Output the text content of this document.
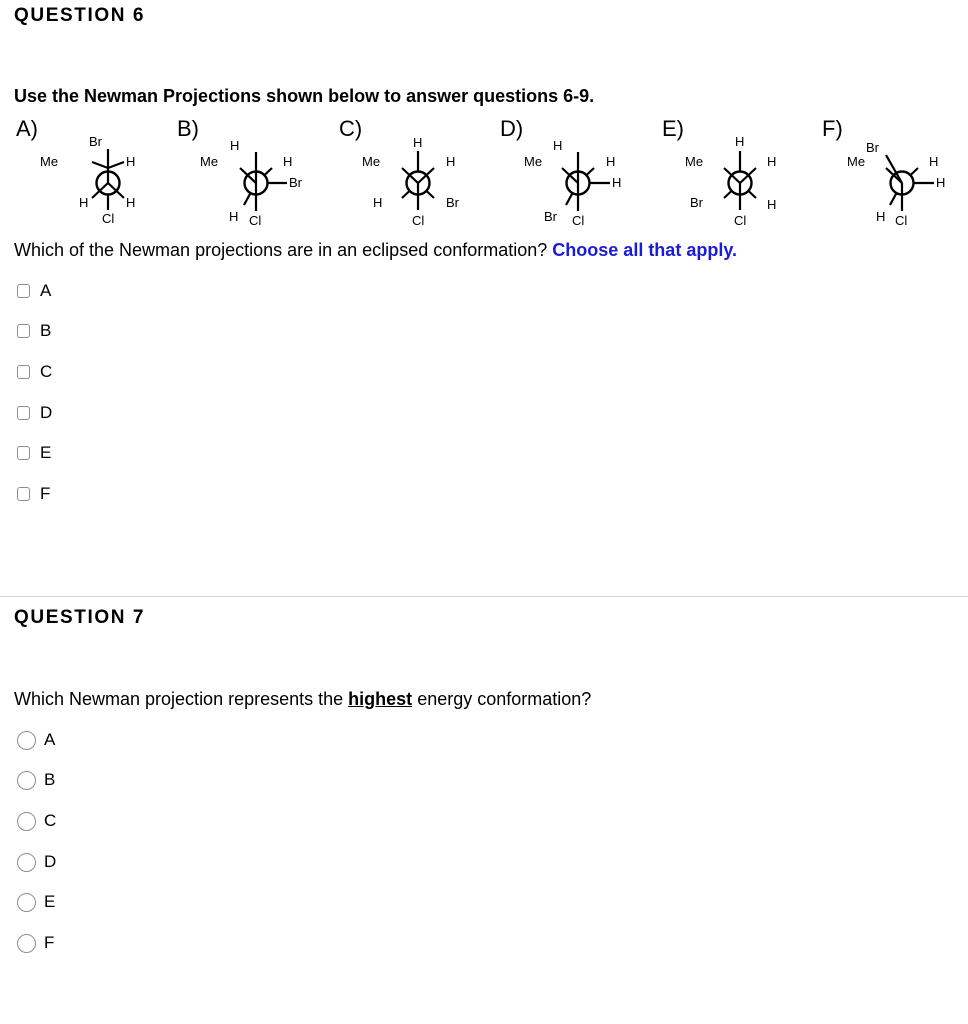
QUESTION 6

Use the Newman Projections shown below to answer questions 6-9.

A)	B)	C)	D)	E)	F)
Br
Me	H
H	H
Cl
H
Me	H
Br
H Cl
H
Me	H
H	Br
Cl
H
Me	H
H
Br Cl
H
Me	H
Br	H
Cl
Br
Me	H
H
H Cl

Which of the Newman projections are in an eclipsed conformation? Choose all that apply.

A
B
C
D
E
F
QUESTION 7

Which Newman projection represents the highest energy conformation?

A
B
C
D
E
F
